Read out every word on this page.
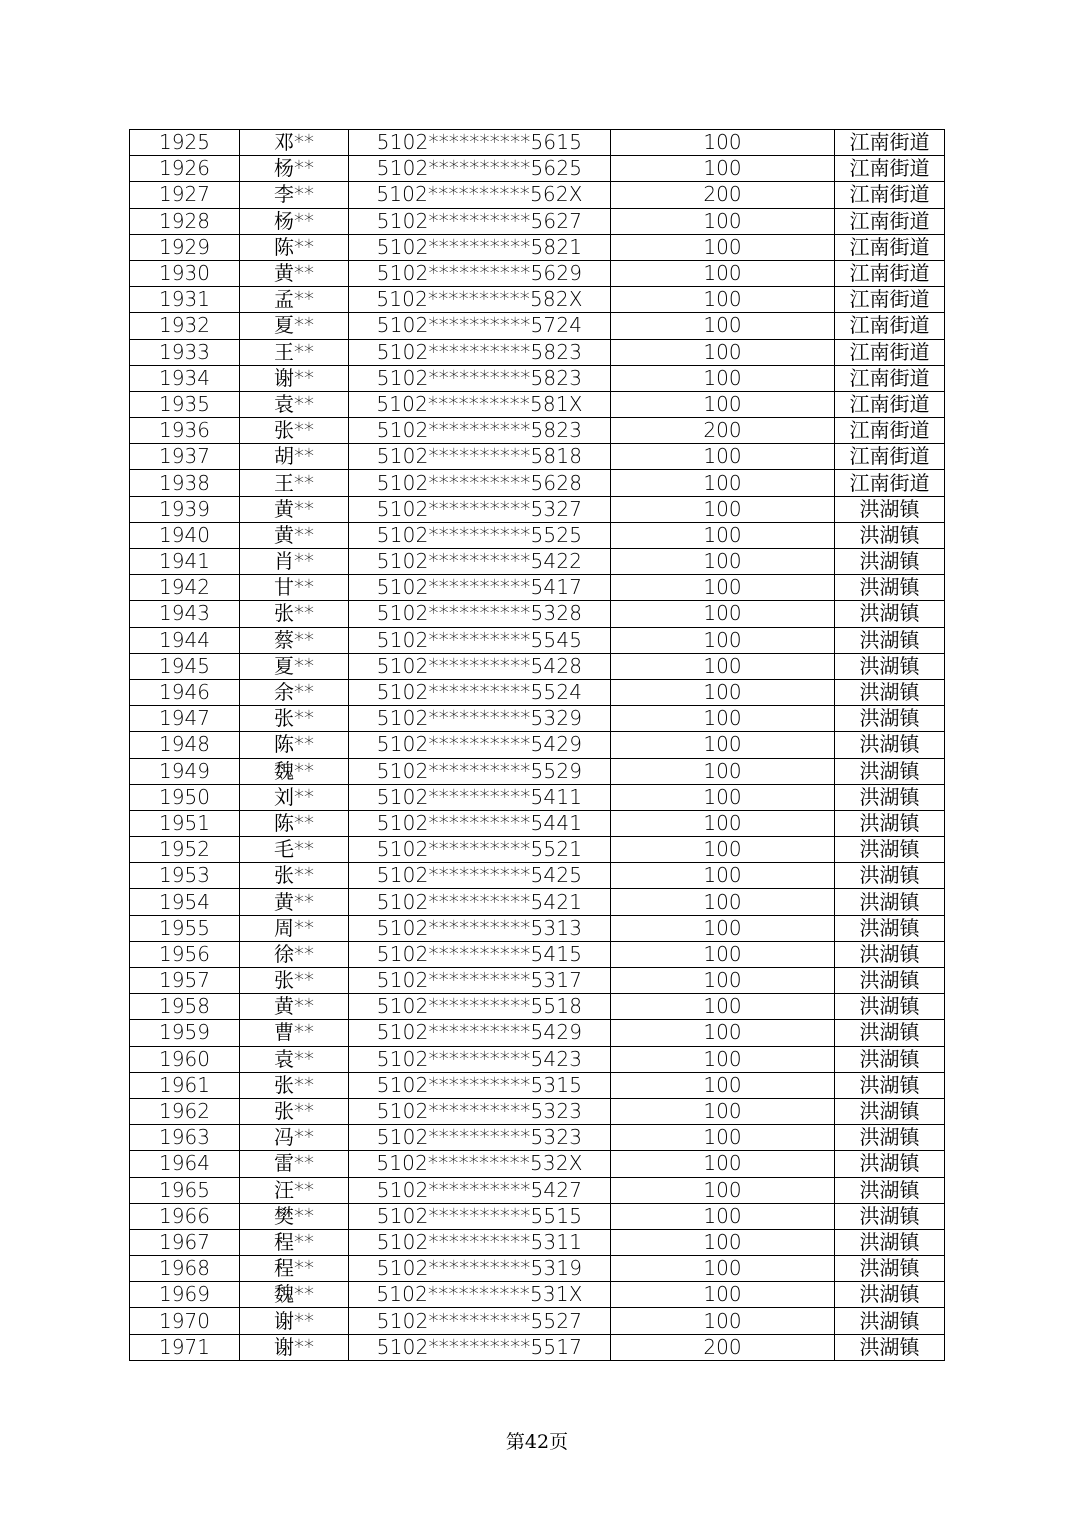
1925	邓**	5102**********5615	100	江南街道
1926	杨**	5102**********5625	100	江南街道
1927	李**	5102**********562X	200	江南街道
1928	杨**	5102**********5627	100	江南街道
1929	陈**	5102**********5821	100	江南街道
1930	黄**	5102**********5629	100	江南街道
1931	孟**	5102**********582X	100	江南街道
1932	夏**	5102**********5724	100	江南街道
1933	王**	5102**********5823	100	江南街道
1934	谢**	5102**********5823	100	江南街道
1935	袁**	5102**********581X	100	江南街道
1936	张**	5102**********5823	200	江南街道
1937	胡**	5102**********5818	100	江南街道
1938	王**	5102**********5628	100	江南街道
1939	黄**	5102**********5327	100	洪湖镇
1940	黄**	5102**********5525	100	洪湖镇
1941	肖**	5102**********5422	100	洪湖镇
1942	甘**	5102**********5417	100	洪湖镇
1943	张**	5102**********5328	100	洪湖镇
1944	蔡**	5102**********5545	100	洪湖镇
1945	夏**	5102**********5428	100	洪湖镇
1946	余**	5102**********5524	100	洪湖镇
1947	张**	5102**********5329	100	洪湖镇
1948	陈**	5102**********5429	100	洪湖镇
1949	魏**	5102**********5529	100	洪湖镇
1950	刘**	5102**********5411	100	洪湖镇
1951	陈**	5102**********5441	100	洪湖镇
1952	毛**	5102**********5521	100	洪湖镇
1953	张**	5102**********5425	100	洪湖镇
1954	黄**	5102**********5421	100	洪湖镇
1955	周**	5102**********5313	100	洪湖镇
1956	徐**	5102**********5415	100	洪湖镇
1957	张**	5102**********5317	100	洪湖镇
1958	黄**	5102**********5518	100	洪湖镇
1959	曹**	5102**********5429	100	洪湖镇
1960	袁**	5102**********5423	100	洪湖镇
1961	张**	5102**********5315	100	洪湖镇
1962	张**	5102**********5323	100	洪湖镇
1963	冯**	5102**********5323	100	洪湖镇
1964	雷**	5102**********532X	100	洪湖镇
1965	汪**	5102**********5427	100	洪湖镇
1966	樊**	5102**********5515	100	洪湖镇
1967	程**	5102**********5311	100	洪湖镇
1968	程**	5102**********5319	100	洪湖镇
1969	魏**	5102**********531X	100	洪湖镇
1970	谢**	5102**********5527	100	洪湖镇
1971	谢**	5102**********5517	200	洪湖镇
第42页
